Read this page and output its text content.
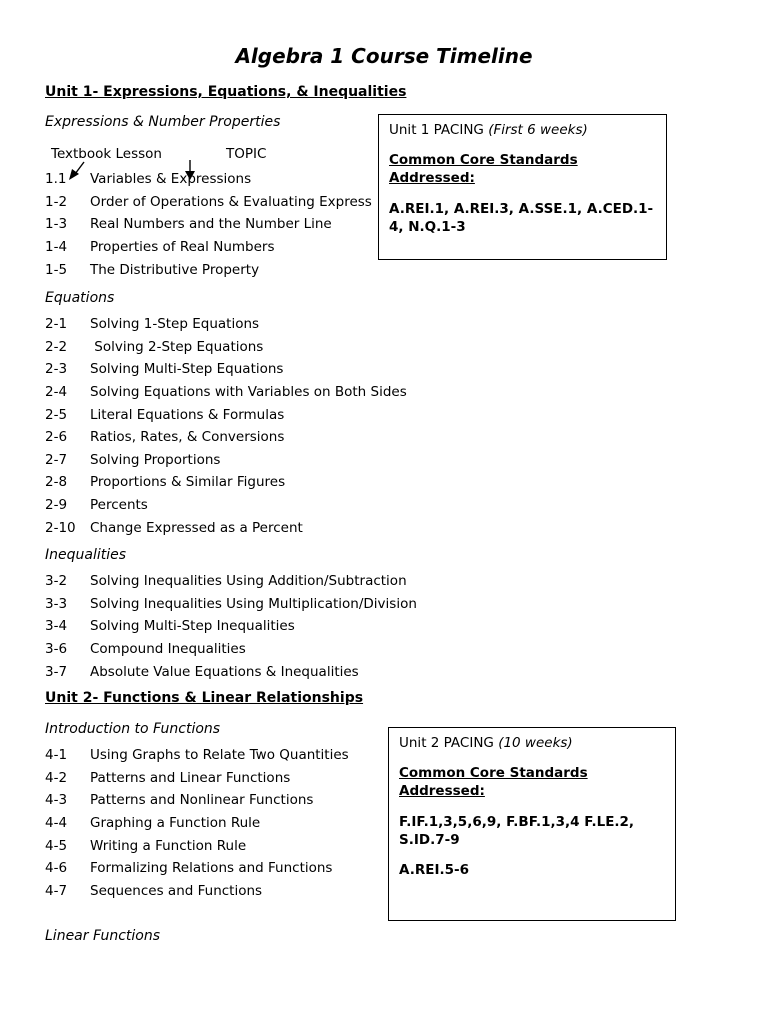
Algebra 1 Course Timeline
Unit 1- Expressions, Equations, & Inequalities
Expressions & Number Properties
Textbook Lesson	TOPIC
1.1	Variables & Expressions
1-2	Order of Operations & Evaluating Express
1-3	Real Numbers and the Number Line
1-4	Properties of Real Numbers
1-5	The Distributive Property
Equations
2-1	Solving 1-Step Equations
2-2	Solving 2-Step Equations
2-3	Solving Multi-Step Equations
2-4	Solving Equations with Variables on Both Sides
2-5	Literal Equations & Formulas
2-6	Ratios, Rates, & Conversions
2-7	Solving Proportions
2-8	Proportions & Similar Figures
2-9	Percents
2-10	Change Expressed as a Percent
Inequalities
3-2	Solving Inequalities Using Addition/Subtraction
3-3	Solving Inequalities Using Multiplication/Division
3-4	Solving Multi-Step Inequalities
3-6	Compound Inequalities
3-7	Absolute Value Equations & Inequalities

Unit 1 PACING (First 6 weeks)

Common Core Standards Addressed:

A.REI.1, A.REI.3, A.SSE.1, A.CED.1-4, N.Q.1-3

Unit 2- Functions & Linear Relationships
Introduction to Functions
4-1	Using Graphs to Relate Two Quantities
4-2	Patterns and Linear Functions
4-3	Patterns and Nonlinear Functions
4-4	Graphing a Function Rule
4-5	Writing a Function Rule
4-6	Formalizing Relations and Functions
4-7	Sequences and Functions
Linear Functions

Unit 2 PACING (10 weeks)

Common Core Standards Addressed:

F.IF.1,3,5,6,9, F.BF.1,3,4 F.LE.2, S.ID.7-9

A.REI.5-6
